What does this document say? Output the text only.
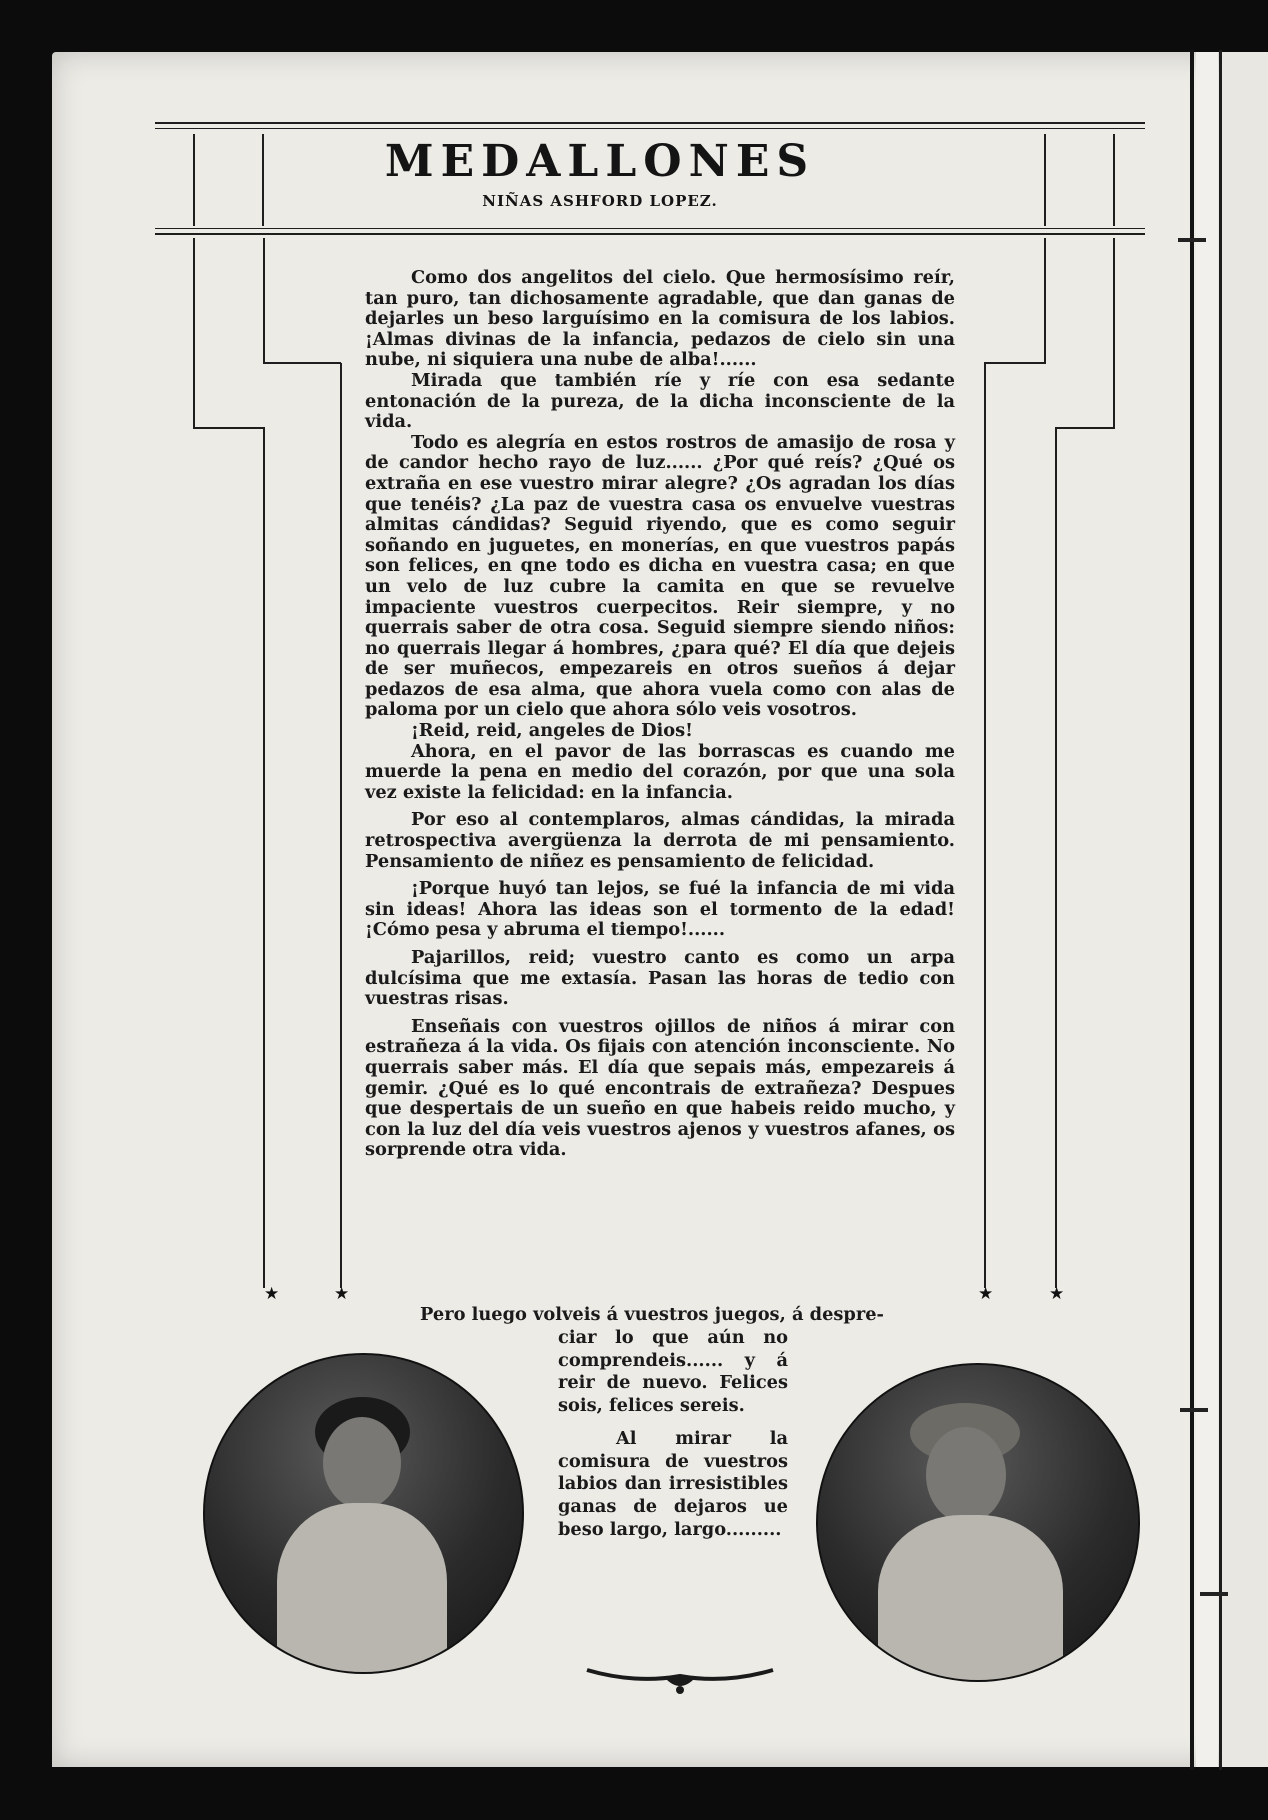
MEDALLONES
NIÑAS ASHFORD LOPEZ.
★	★	★	★

Como dos angelitos del cielo. Que hermosísimo reír, tan puro, tan dichosamente agradable, que dan ganas de dejarles un beso larguísimo en la comisura de los labios. ¡Almas divinas de la infancia, pedazos de cielo sin una nube, ni siquiera una nube de alba!......

Mirada que también ríe y ríe con esa sedante entonación de la pureza, de la dicha inconsciente de la vida.

Todo es alegría en estos rostros de amasijo de rosa y de candor hecho rayo de luz...... ¿Por qué reís? ¿Qué os extraña en ese vuestro mirar alegre? ¿Os agradan los días que tenéis? ¿La paz de vuestra casa os envuelve vuestras almitas cándidas? Seguid riyendo, que es como seguir soñando en juguetes, en monerías, en que vuestros papás son felices, en qne todo es dicha en vuestra casa; en que un velo de luz cubre la camita en que se revuelve impaciente vuestros cuerpecitos. Reir siempre, y no querrais saber de otra cosa. Seguid siempre siendo niños: no querrais llegar á hombres, ¿para qué? El día que dejeis de ser muñecos, empezareis en otros sueños á dejar pedazos de esa alma, que ahora vuela como con alas de paloma por un cielo que ahora sólo veis vosotros.

¡Reid, reid, angeles de Dios!

Ahora, en el pavor de las borrascas es cuando me muerde la pena en medio del corazón, por que una sola vez existe la felicidad: en la infancia.

Por eso al contemplaros, almas cándidas, la mirada retrospectiva avergüenza la derrota de mi pensamiento. Pensamiento de niñez es pensamiento de felicidad.

¡Porque huyó tan lejos, se fué la infancia de mi vida sin ideas! Ahora las ideas son el tormento de la edad! ¡Cómo pesa y abruma el tiempo!......

Pajarillos, reid; vuestro canto es como un arpa dulcísima que me extasía. Pasan las horas de tedio con vuestras risas.

Enseñais con vuestros ojillos de niños á mirar con estrañeza á la vida. Os fijais con atención inconsciente. No querrais saber más. El día que sepais más, empezareis á gemir. ¿Qué es lo qué encontrais de extrañeza? Despues que despertais de un sueño en que habeis reido mucho, y con la luz del día veis vuestros ajenos y vuestros afanes, os sorprende otra vida.

Pero luego volveis á vuestros juegos, á despre-

ciar lo que aún no comprendeis...... y á reir de nuevo. Felices sois, felices sereis.

Al mirar la comisura de vuestros labios dan irresistibles ganas de dejaros ue beso largo, largo.........
